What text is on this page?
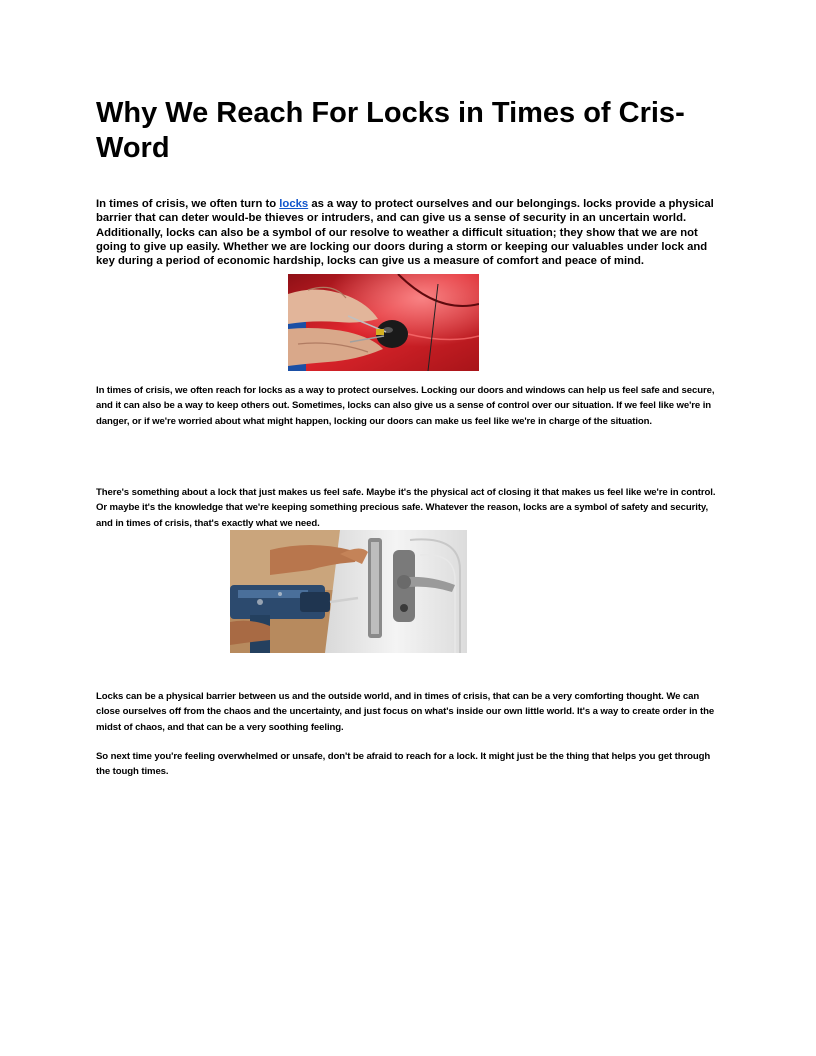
Why We Reach For Locks in Times of Cris-Word

In times of crisis, we often turn to locks as a way to protect ourselves and our belongings. locks provide a physical barrier that can deter would-be thieves or intruders, and can give us a sense of security in an uncertain world. Additionally, locks can also be a symbol of our resolve to weather a difficult situation; they show that we are not going to give up easily. Whether we are locking our doors during a storm or keeping our valuables under lock and key during a period of economic hardship, locks can give us a measure of comfort and peace of mind.

In times of crisis, we often reach for locks as a way to protect ourselves. Locking our doors and windows can help us feel safe and secure, and it can also be a way to keep others out. Sometimes, locks can also give us a sense of control over our situation. If we feel like we're in danger, or if we're worried about what might happen, locking our doors can make us feel like we're in charge of the situation.

There's something about a lock that just makes us feel safe. Maybe it's the physical act of closing it that makes us feel like we're in control. Or maybe it's the knowledge that we're keeping something precious safe. Whatever the reason, locks are a symbol of safety and security, and in times of crisis, that's exactly what we need.

Locks can be a physical barrier between us and the outside world, and in times of crisis, that can be a very comforting thought. We can close ourselves off from the chaos and the uncertainty, and just focus on what's inside our own little world. It's a way to create order in the midst of chaos, and that can be a very soothing feeling.

So next time you're feeling overwhelmed or unsafe, don't be afraid to reach for a lock. It might just be the thing that helps you get through the tough times.
